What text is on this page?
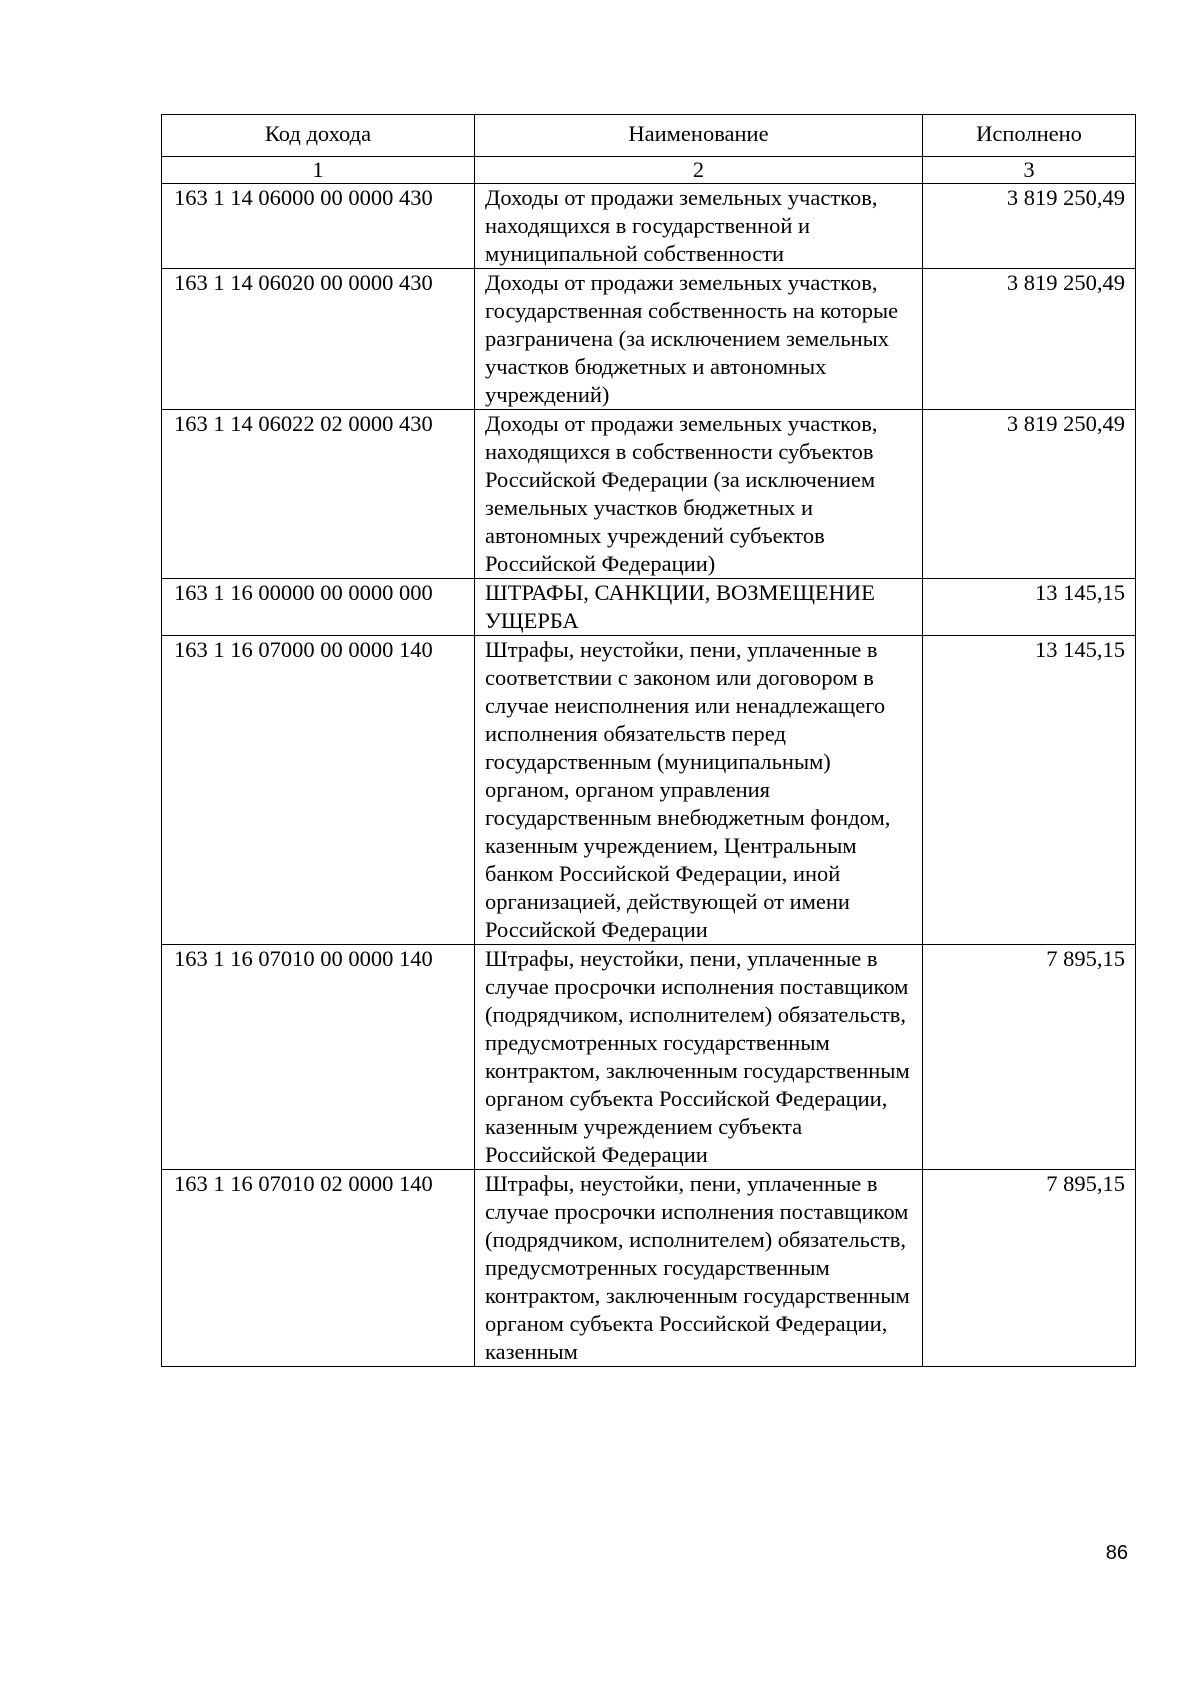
Код дохода	Наименование	Исполнено
1	2	3
163 1 14 06000 00 0000 430	Доходы от продажи земельных участков, находящихся в государственной и муниципальной собственности	3 819 250,49
163 1 14 06020 00 0000 430	Доходы от продажи земельных участков, государственная собственность на которые разграничена (за исключением земельных участков бюджетных и автономных учреждений)	3 819 250,49
163 1 14 06022 02 0000 430	Доходы от продажи земельных участков, находящихся в собственности субъектов Российской Федерации (за исключением земельных участков бюджетных и автономных учреждений субъектов Российской Федерации)	3 819 250,49
163 1 16 00000 00 0000 000	ШТРАФЫ, САНКЦИИ, ВОЗМЕЩЕНИЕ УЩЕРБА	13 145,15
163 1 16 07000 00 0000 140	Штрафы, неустойки, пени, уплаченные в соответствии с законом или договором в случае неисполнения или ненадлежащего исполнения обязательств перед государственным (муниципальным) органом, органом управления государственным внебюджетным фондом, казенным учреждением, Центральным банком Российской Федерации, иной организацией, действующей от имени Российской Федерации	13 145,15
163 1 16 07010 00 0000 140	Штрафы, неустойки, пени, уплаченные в случае просрочки исполнения поставщиком (подрядчиком, исполнителем) обязательств, предусмотренных государственным контрактом, заключенным государственным органом субъекта Российской Федерации, казенным учреждением субъекта Российской Федерации	7 895,15
163 1 16 07010 02 0000 140	Штрафы, неустойки, пени, уплаченные в случае просрочки исполнения поставщиком (подрядчиком, исполнителем) обязательств, предусмотренных государственным контрактом, заключенным государственным органом субъекта Российской Федерации, казенным	7 895,15
86
